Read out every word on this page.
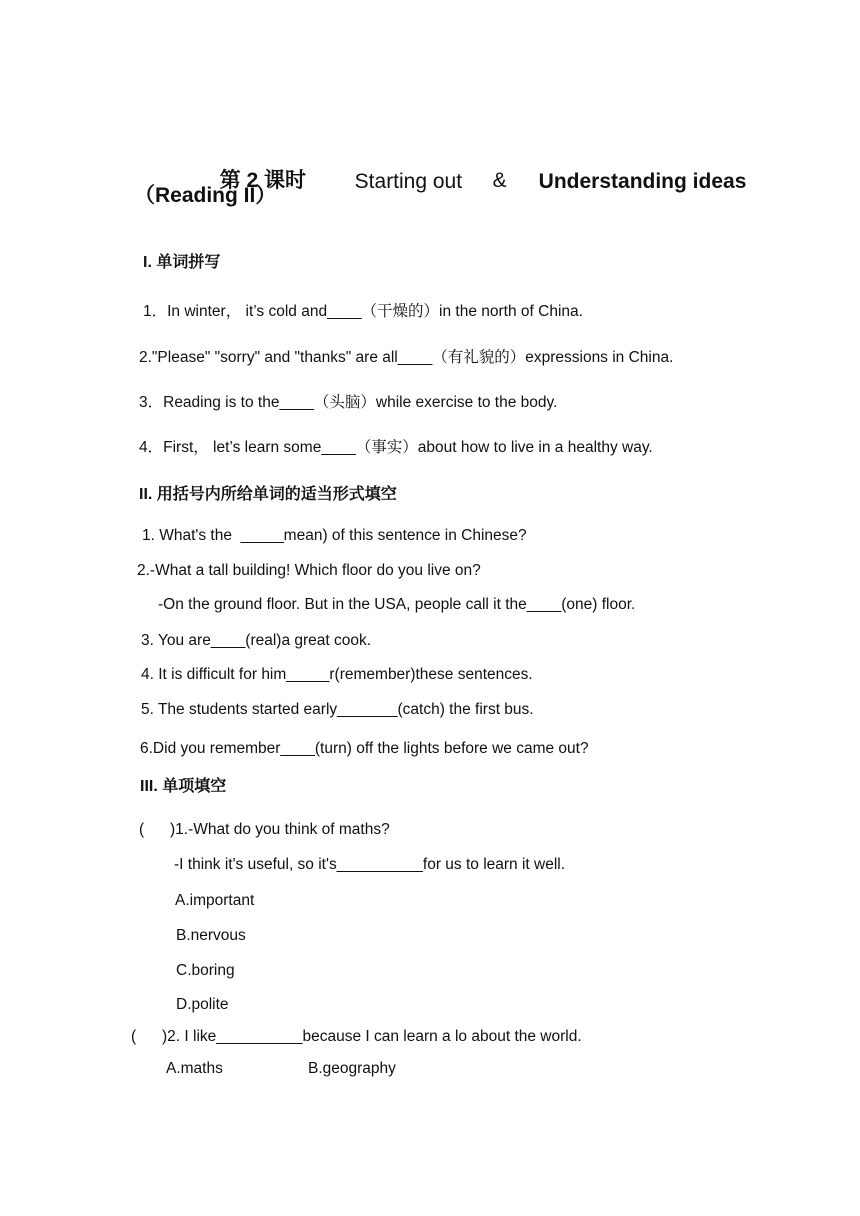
第 2 课时	Starting out	&	Understanding ideas

（Reading II）
I. 单词拼写
1．In winter， it’s cold and____（干燥的）in the north of China.
2."Please" "sorry" and "thanks" are all____（有礼貌的）expressions in China.
3．Reading is to the____（头脑）while exercise to the body.
4．First， let’s learn some____（事实）about how to live in a healthy way.
II. 用括号内所给单词的适当形式填空
1. What's the  _____mean) of this sentence in Chinese?
2.-What a tall building! Which floor do you live on?
-On the ground floor. But in the USA, people call it the____(one) floor.
3. You are____(real)a great cook.
4. It is difficult for him_____r(remember)these sentences.
5. The students started early_______(catch) the first bus.
6.Did you remember____(turn) off the lights before we came out?
III. 单项填空
(      )1.-What do you think of maths?
-I think it's useful, so it's__________for us to learn it well.
A.important
B.nervous
C.boring
D.polite
(      )2. I like__________because I can learn a lo about the world.
A.maths	B.geography
